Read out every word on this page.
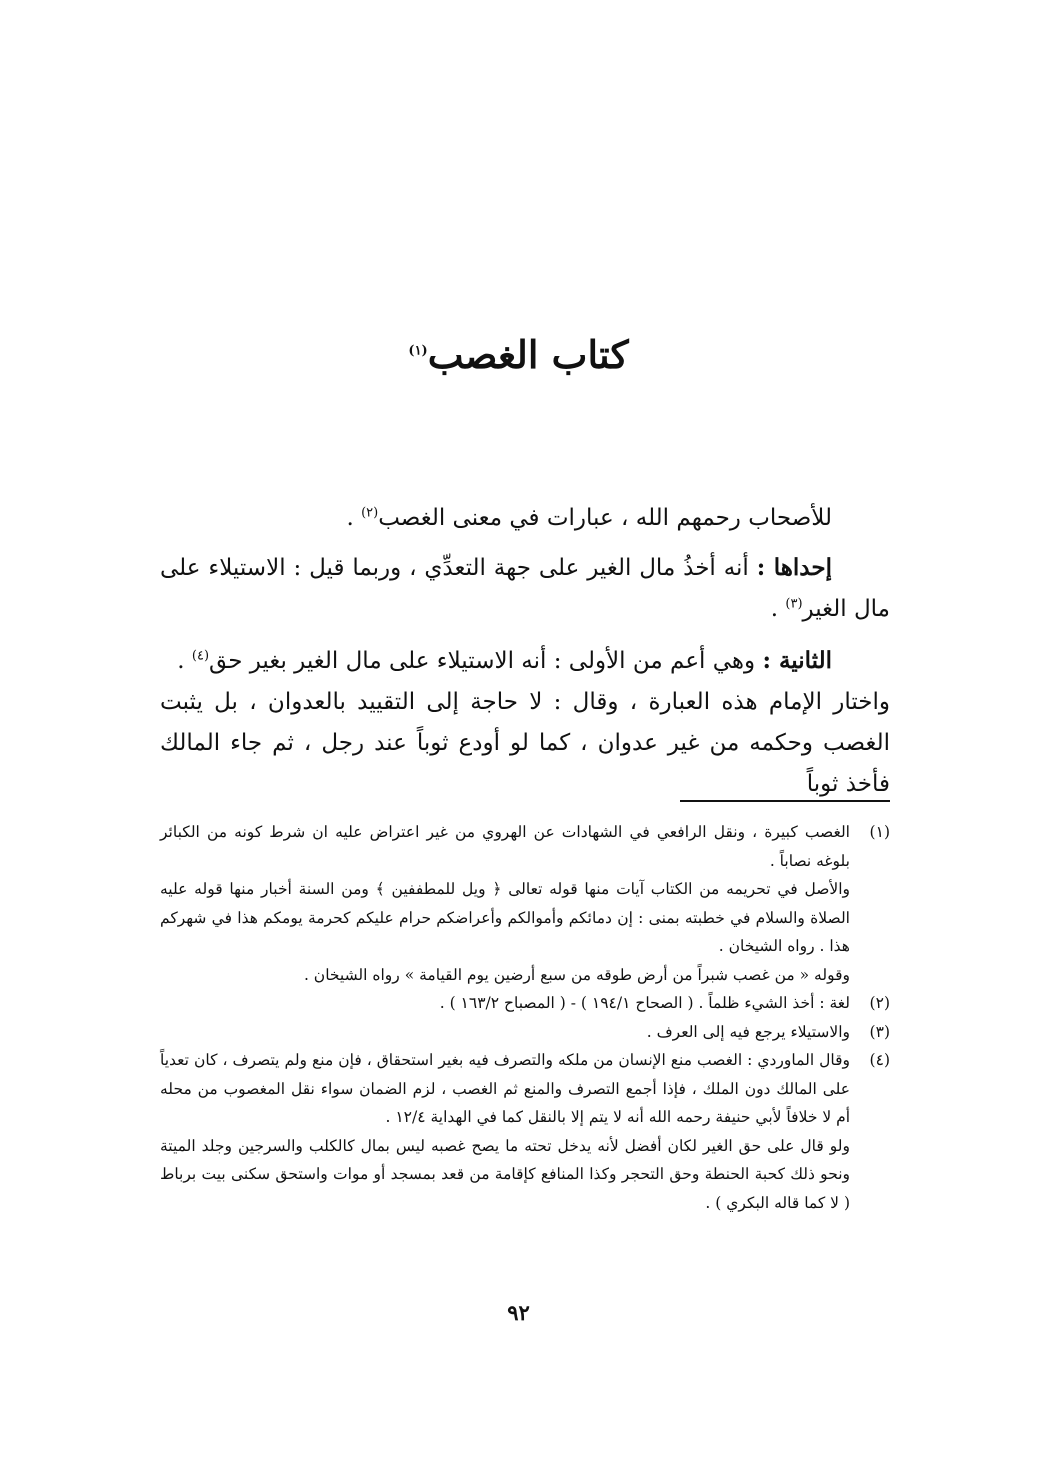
كتاب الغصب$^{(١)}$

للأصحاب رحمهم الله ، عبارات في معنى الغصب$^{(٢)}$ .

إحداها : أنه أخذُ مال الغير على جهة التعدِّي ، وربما قيل : الاستيلاء على مال الغير$^{(٣)}$ .

الثانية : وهي أعم من الأولى : أنه الاستيلاء على مال الغير بغير حق$^{(٤)}$ .

واختار الإمام هذه العبارة ، وقال : لا حاجة إلى التقييد بالعدوان ، بل يثبت الغصب وحكمه من غير عدوان ، كما لو أودع ثوباً عند رجل ، ثم جاء المالك فأخذ ثوباً

(١)

الغصب كبيرة ، ونقل الرافعي في الشهادات عن الهروي من غير اعتراض عليه ان شرط كونه من الكبائر بلوغه نصاباً .

والأصل في تحريمه من الكتاب آيات منها قوله تعالى ﴿ ويل للمطففين ﴾ ومن السنة أخبار منها قوله عليه الصلاة والسلام في خطبته بمنى : إن دمائكم وأموالكم وأعراضكم حرام عليكم كحرمة يومكم هذا في شهركم هذا . رواه الشيخان .

وقوله « من غصب شبراً من أرض طوقه من سبع أرضين يوم القيامة » رواه الشيخان .

(٢)
لغة : أخذ الشيء ظلماً . ( الصحاح ١٩٤/١ ) - ( المصباح ١٦٣/٢ ) .
(٣)
والاستيلاء يرجع فيه إلى العرف .
(٤)

وقال الماوردي : الغصب منع الإنسان من ملكه والتصرف فيه بغير استحقاق ، فإن منع ولم يتصرف ، كان تعدياً على المالك دون الملك ، فإذا أجمع التصرف والمنع ثم الغصب ، لزم الضمان سواء نقل المغصوب من محله أم لا خلافاً لأبي حنيفة رحمه الله أنه لا يتم إلا بالنقل كما في الهداية ١٢/٤ .

ولو قال على حق الغير لكان أفضل لأنه يدخل تحته ما يصح غصبه ليس بمال كالكلب والسرجين وجلد الميتة ونحو ذلك كحبة الحنطة وحق التحجر وكذا المنافع كإقامة من قعد بمسجد أو موات واستحق سكنى بيت برباط ( لا كما قاله البكري ) .

٩٢
